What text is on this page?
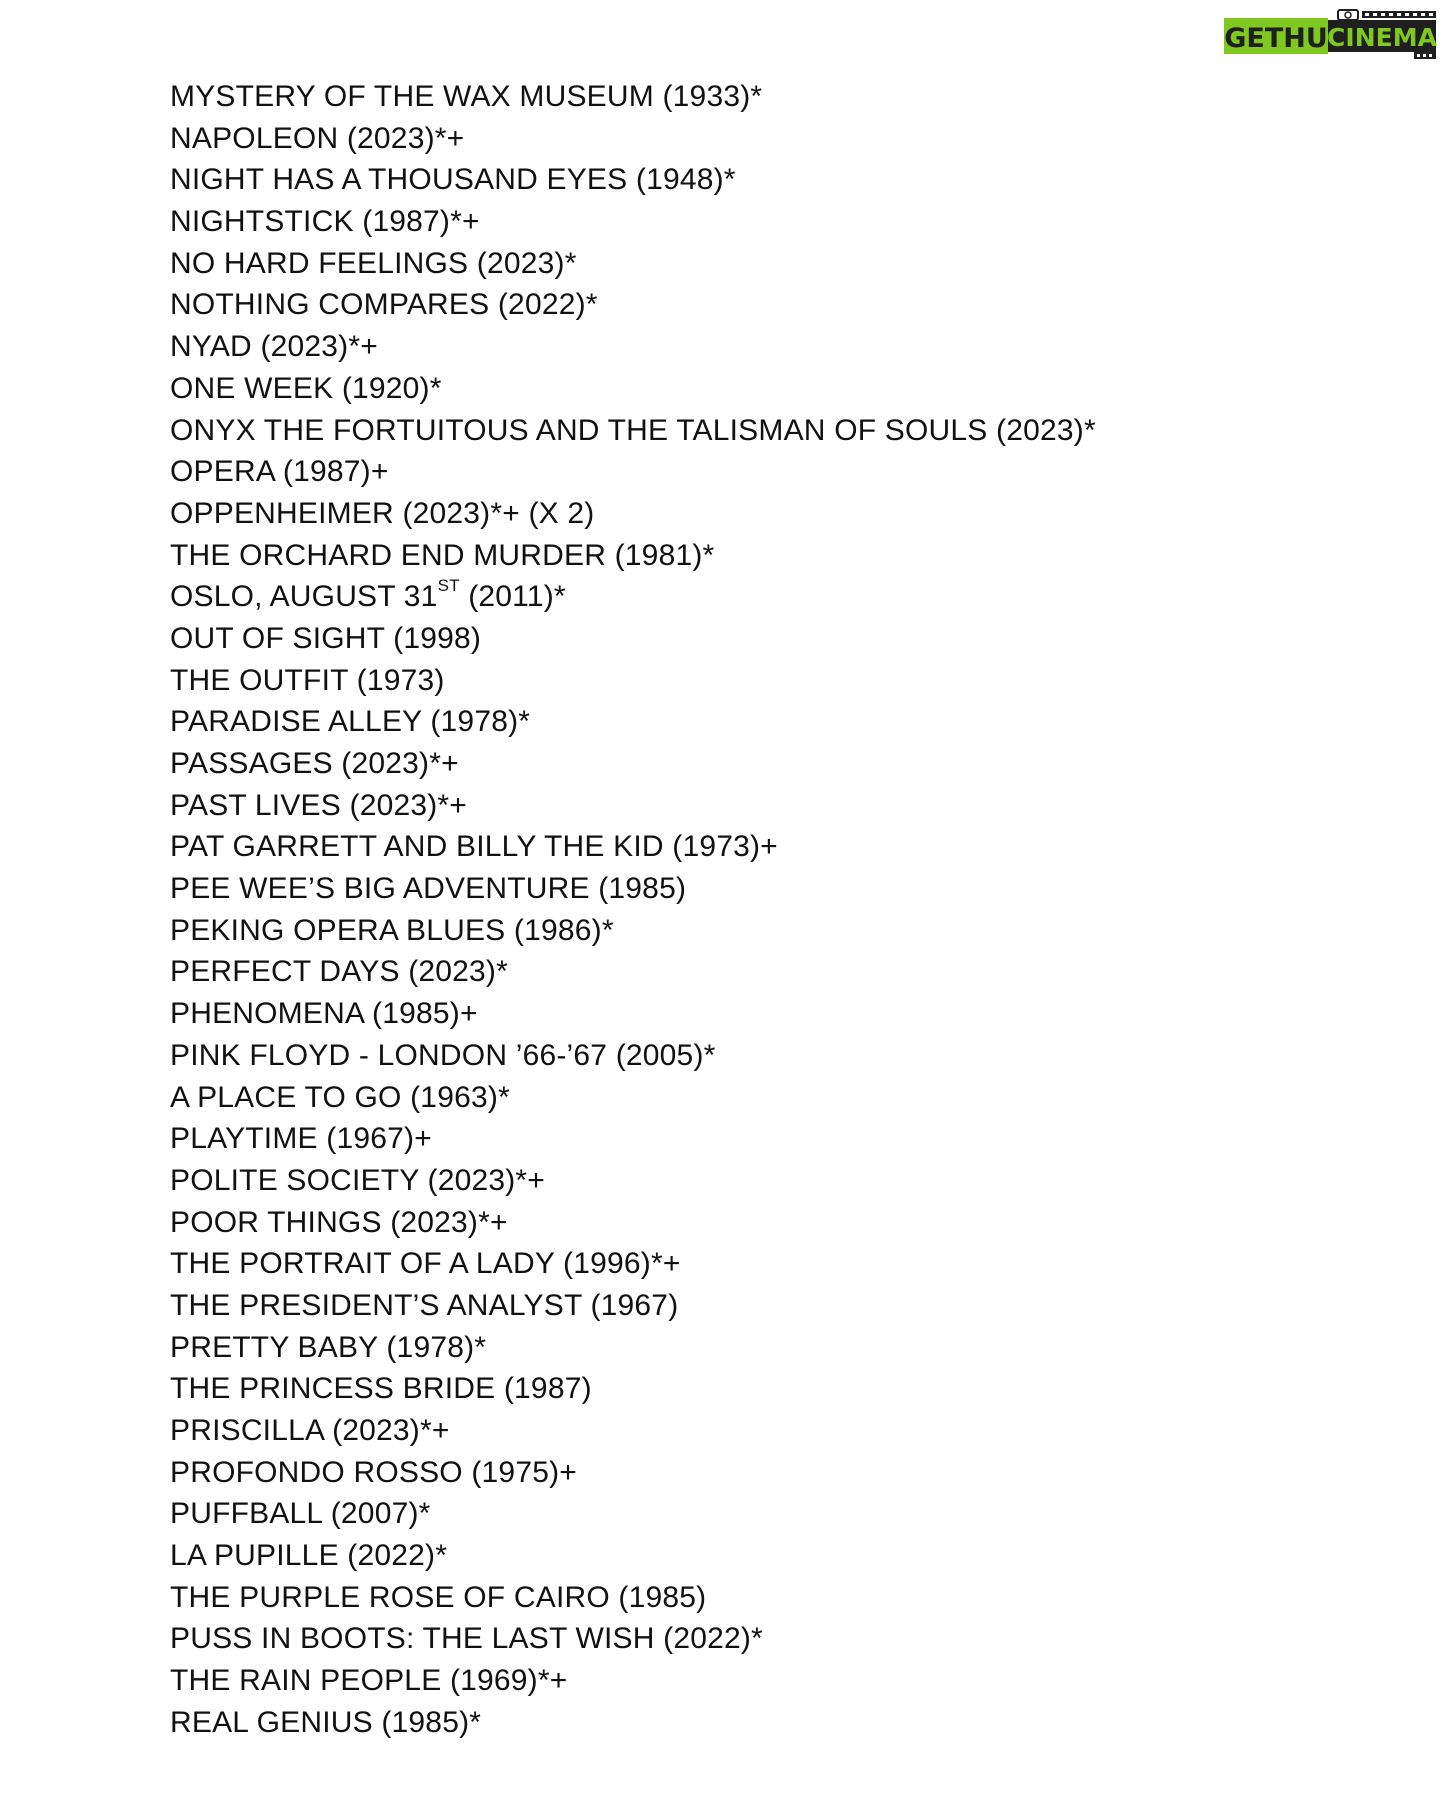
GETHU CINEMA
MYSTERY OF THE WAX MUSEUM (1933)*
NAPOLEON (2023)*+
NIGHT HAS A THOUSAND EYES (1948)*
NIGHTSTICK (1987)*+
NO HARD FEELINGS (2023)*
NOTHING COMPARES (2022)*
NYAD (2023)*+
ONE WEEK (1920)*
ONYX THE FORTUITOUS AND THE TALISMAN OF SOULS (2023)*
OPERA (1987)+
OPPENHEIMER (2023)*+ (X 2)
THE ORCHARD END MURDER (1981)*
OSLO, AUGUST 31ST (2011)*
OUT OF SIGHT (1998)
THE OUTFIT (1973)
PARADISE ALLEY (1978)*
PASSAGES (2023)*+
PAST LIVES (2023)*+
PAT GARRETT AND BILLY THE KID (1973)+
PEE WEE’S BIG ADVENTURE (1985)
PEKING OPERA BLUES (1986)*
PERFECT DAYS (2023)*
PHENOMENA (1985)+
PINK FLOYD - LONDON ’66-’67 (2005)*
A PLACE TO GO (1963)*
PLAYTIME (1967)+
POLITE SOCIETY (2023)*+
POOR THINGS (2023)*+
THE PORTRAIT OF A LADY (1996)*+
THE PRESIDENT’S ANALYST (1967)
PRETTY BABY (1978)*
THE PRINCESS BRIDE (1987)
PRISCILLA (2023)*+
PROFONDO ROSSO (1975)+
PUFFBALL (2007)*
LA PUPILLE (2022)*
THE PURPLE ROSE OF CAIRO (1985)
PUSS IN BOOTS: THE LAST WISH (2022)*
THE RAIN PEOPLE (1969)*+
REAL GENIUS (1985)*
